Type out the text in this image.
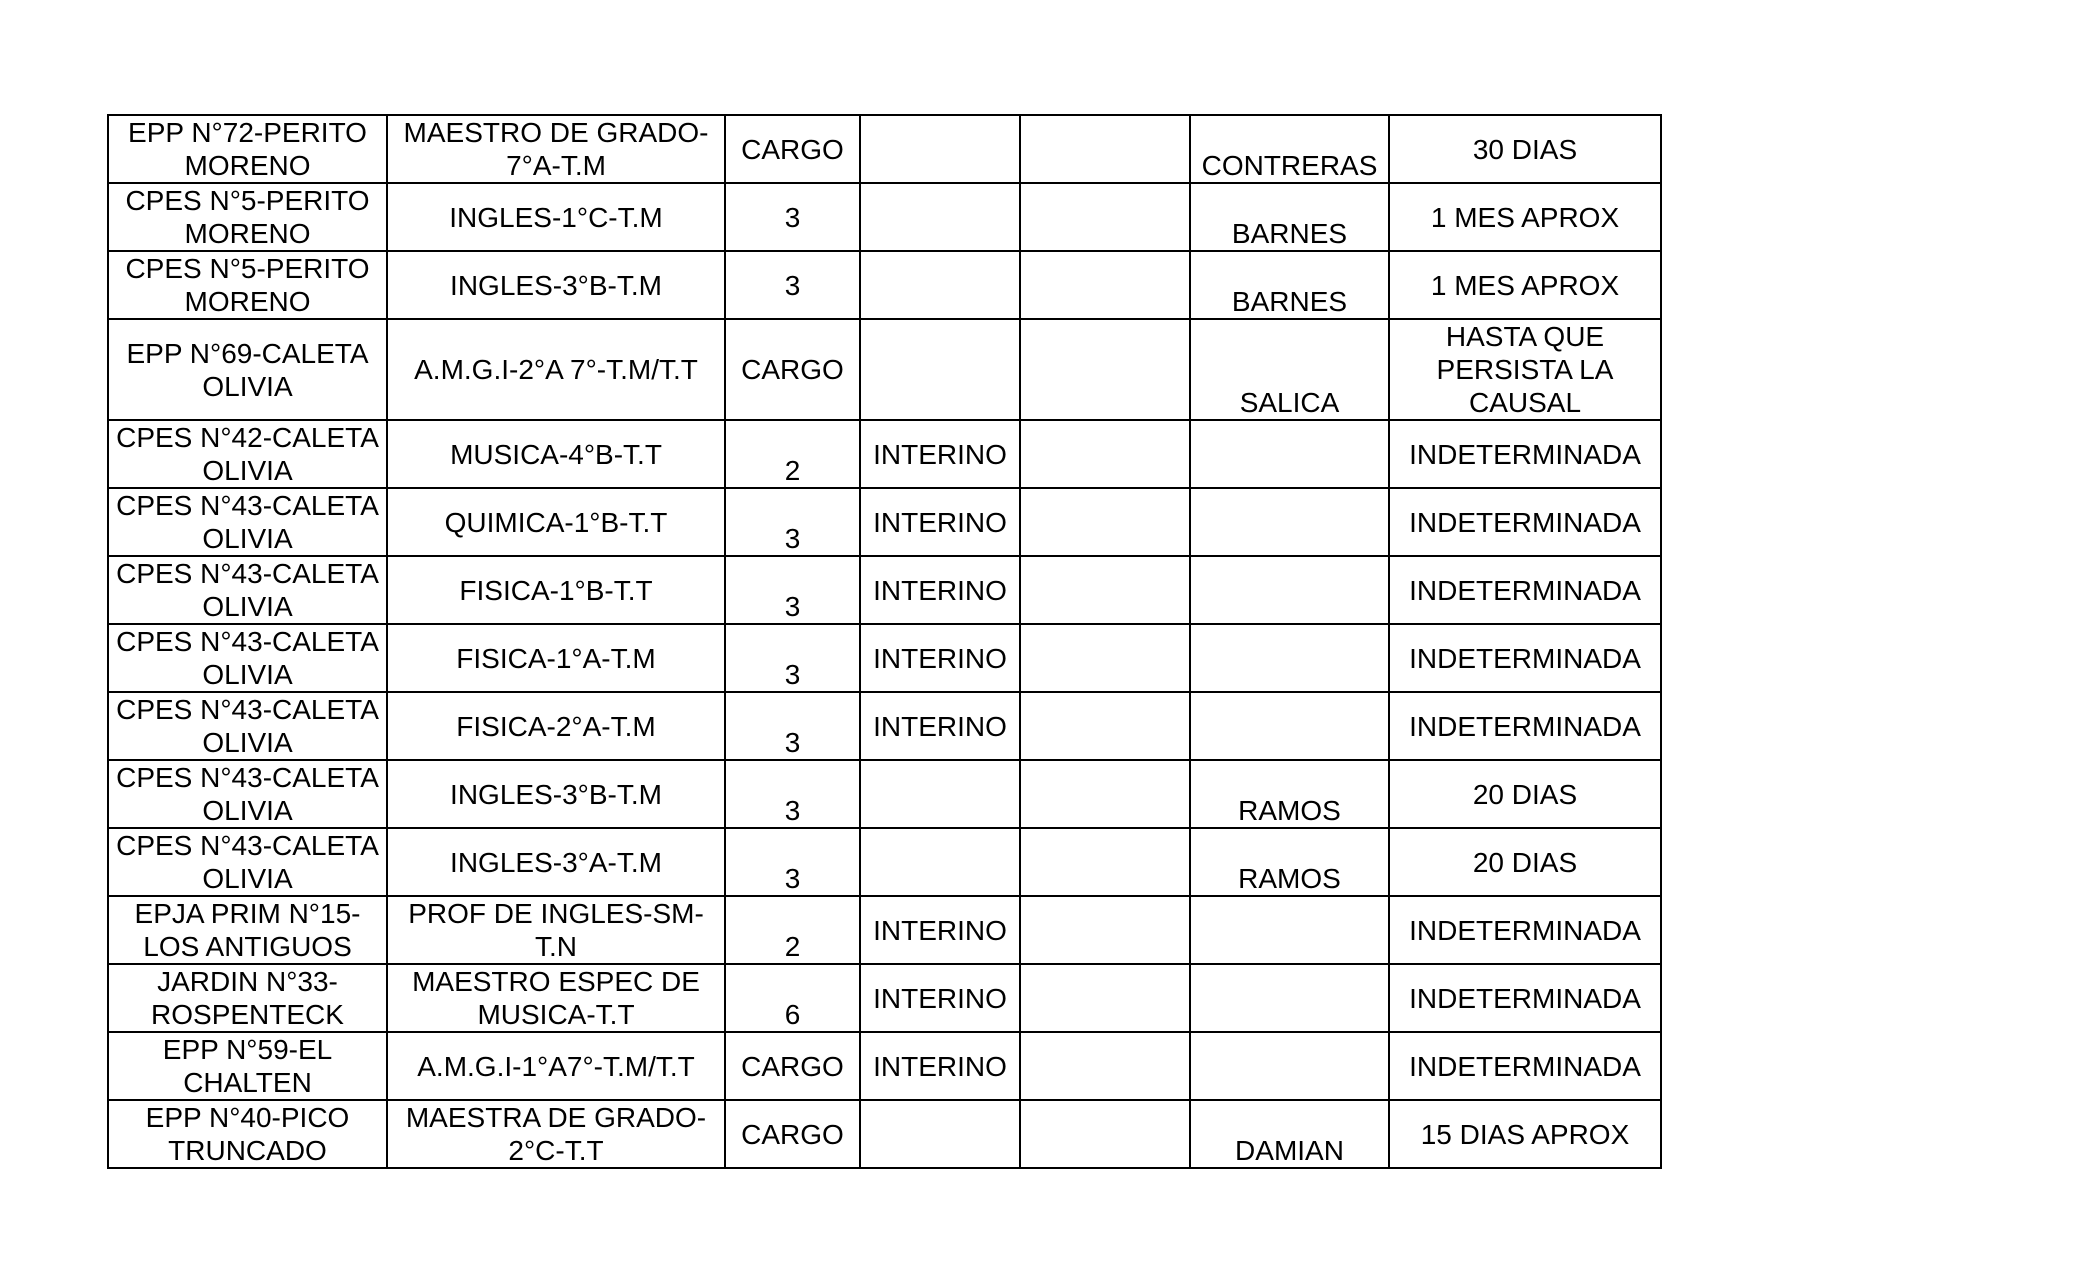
EPP N°72-PERITO MORENO	MAESTRO DE GRADO-7°A-T.M	CARGO			CONTRERAS	30 DIAS
CPES N°5-PERITO MORENO	INGLES-1°C-T.M	3			BARNES	1 MES APROX
CPES N°5-PERITO MORENO	INGLES-3°B-T.M	3			BARNES	1 MES APROX
EPP N°69-CALETA OLIVIA	A.M.G.I-2°A 7°-T.M/T.T	CARGO			SALICA	HASTA QUE PERSISTA LA CAUSAL
CPES N°42-CALETA OLIVIA	MUSICA-4°B-T.T	2	INTERINO			INDETERMINADA
CPES N°43-CALETA OLIVIA	QUIMICA-1°B-T.T	3	INTERINO			INDETERMINADA
CPES N°43-CALETA OLIVIA	FISICA-1°B-T.T	3	INTERINO			INDETERMINADA
CPES N°43-CALETA OLIVIA	FISICA-1°A-T.M	3	INTERINO			INDETERMINADA
CPES N°43-CALETA OLIVIA	FISICA-2°A-T.M	3	INTERINO			INDETERMINADA
CPES N°43-CALETA OLIVIA	INGLES-3°B-T.M	3			RAMOS	20 DIAS
CPES N°43-CALETA OLIVIA	INGLES-3°A-T.M	3			RAMOS	20 DIAS
EPJA PRIM N°15-LOS ANTIGUOS	PROF DE INGLES-SM-T.N	2	INTERINO			INDETERMINADA
JARDIN N°33-ROSPENTECK	MAESTRO ESPEC DE MUSICA-T.T	6	INTERINO			INDETERMINADA
EPP N°59-EL CHALTEN	A.M.G.I-1°A7°-T.M/T.T	CARGO	INTERINO			INDETERMINADA
EPP N°40-PICO TRUNCADO	MAESTRA DE GRADO-2°C-T.T	CARGO			DAMIAN	15 DIAS APROX
